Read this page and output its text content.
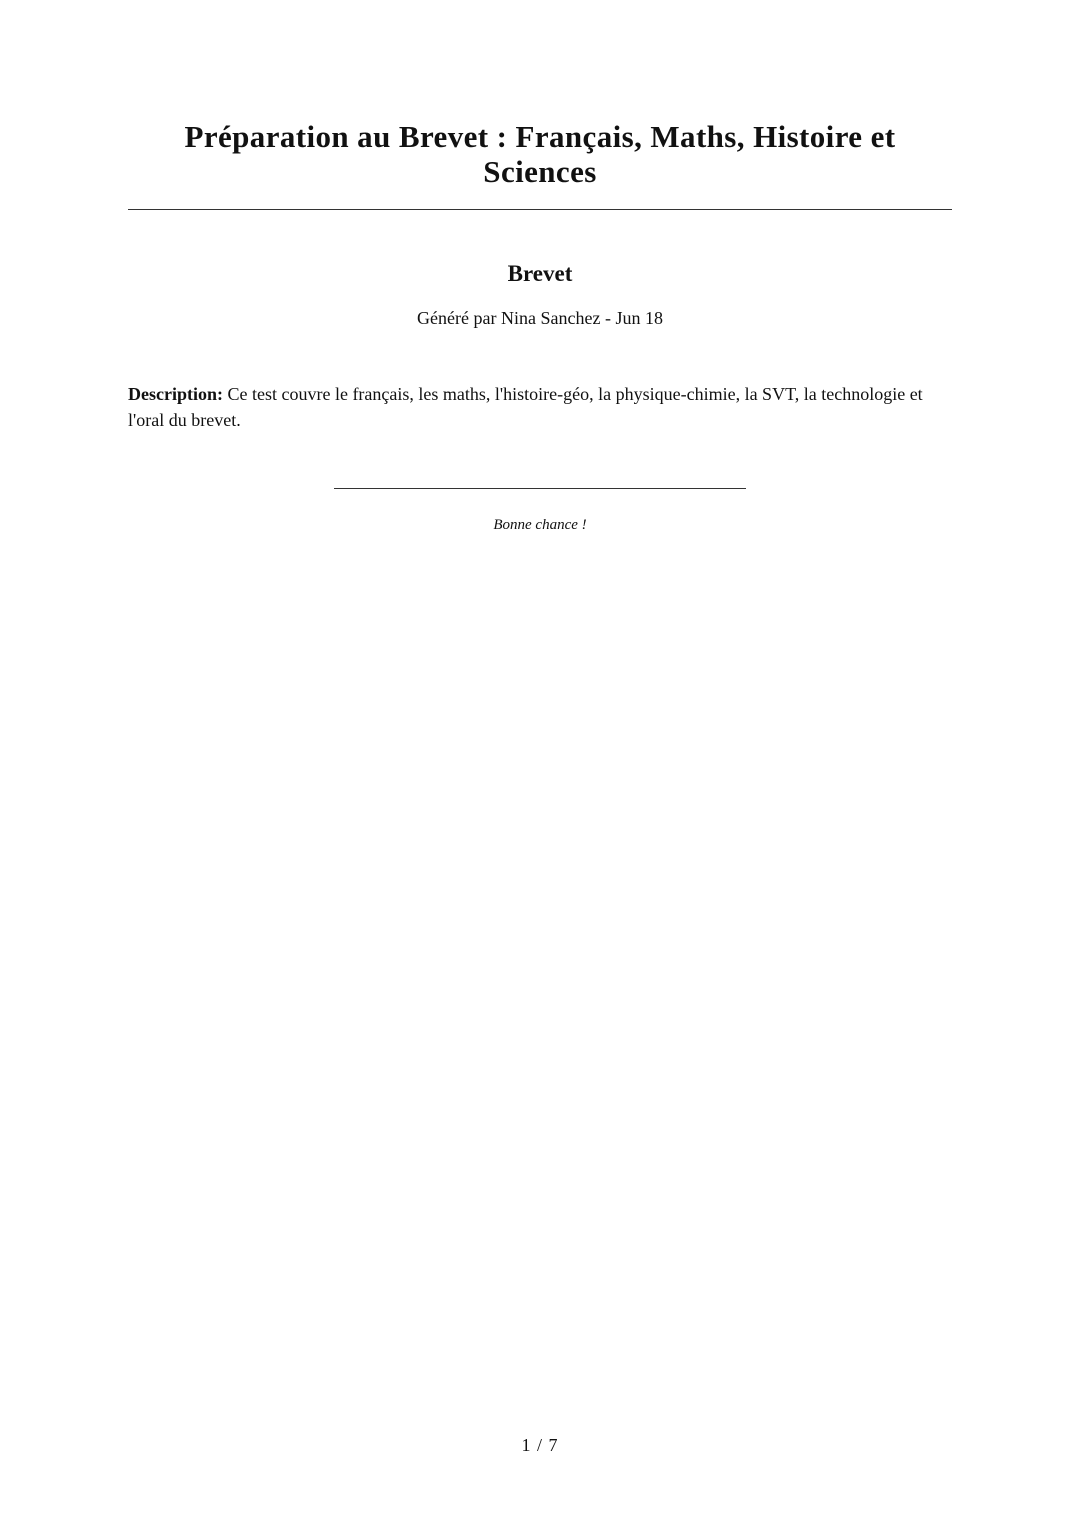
Préparation au Brevet : Français, Maths, Histoire et Sciences
Brevet
Généré par Nina Sanchez - Jun 18

Description: Ce test couvre le français, les maths, l'histoire-géo, la physique-chimie, la SVT, la technologie et l'oral du brevet.

Bonne chance !
1 / 7
